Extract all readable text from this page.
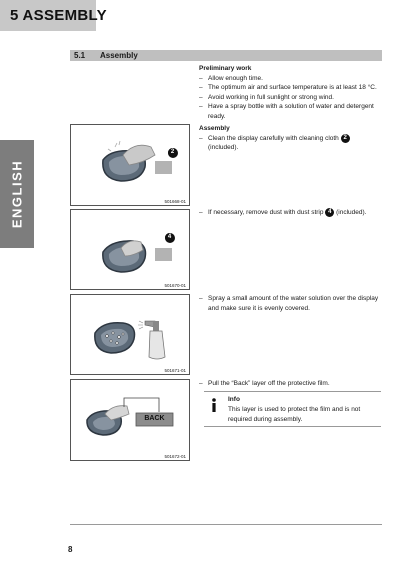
5 ASSEMBLY
ENGLISH
5.1 Assembly
Preliminary work
– Allow enough time.
– The optimum air and surface temperature is at least 18 °C.
– Avoid working in full sunlight or strong wind.
– Have a spray bottle with a solution of water and detergent ready.
Assembly
– Clean the display carefully with cleaning cloth 2 (included).
– If necessary, remove dust with dust strip 4 (included).
– Spray a small amount of the water solution over the display and make sure it is evenly covered.
– Pull the “Back” layer off the protective film.
Info
This layer is used to protect the film and is not required during assembly.
2
501668-01
4
501670-01
501671-01
BACK
501672-01
8
